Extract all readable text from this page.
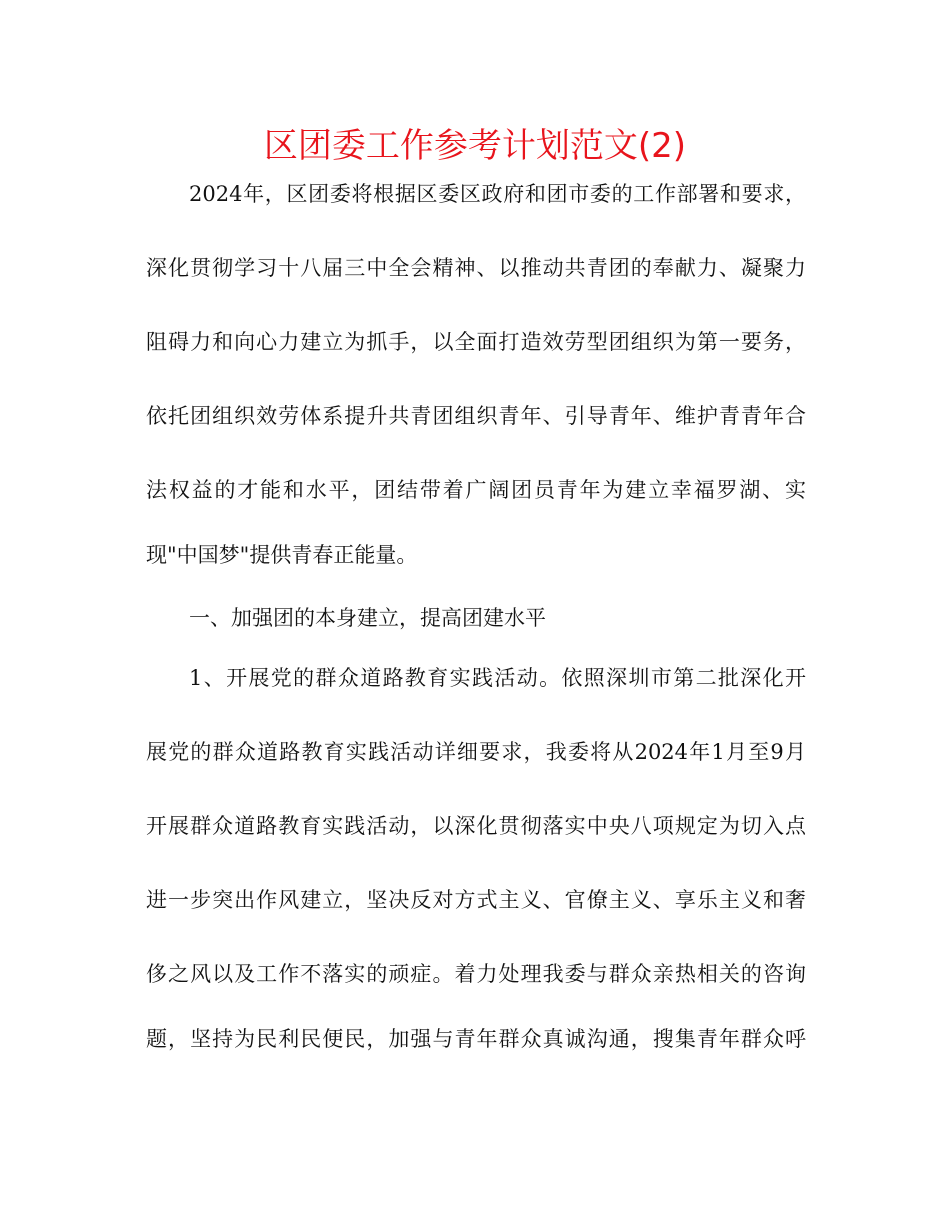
区团委工作参考计划范文(2)
2024年，区团委将根据区委区政府和团市委的工作部署和要求，
深化贯彻学习十八届三中全会精神、以推动共青团的奉献力、凝聚力
阻碍力和向心力建立为抓手，以全面打造效劳型团组织为第一要务，
依托团组织效劳体系提升共青团组织青年、引导青年、维护青青年合
法权益的才能和水平，团结带着广阔团员青年为建立幸福罗湖、实
现"中国梦"提供青春正能量。
一、加强团的本身建立，提高团建水平
1、开展党的群众道路教育实践活动。依照深圳市第二批深化开
展党的群众道路教育实践活动详细要求，我委将从2024年1月至9月
开展群众道路教育实践活动，以深化贯彻落实中央八项规定为切入点
进一步突出作风建立，坚决反对方式主义、官僚主义、享乐主义和奢
侈之风以及工作不落实的顽症。着力处理我委与群众亲热相关的咨询
题，坚持为民利民便民，加强与青年群众真诚沟通，搜集青年群众呼
